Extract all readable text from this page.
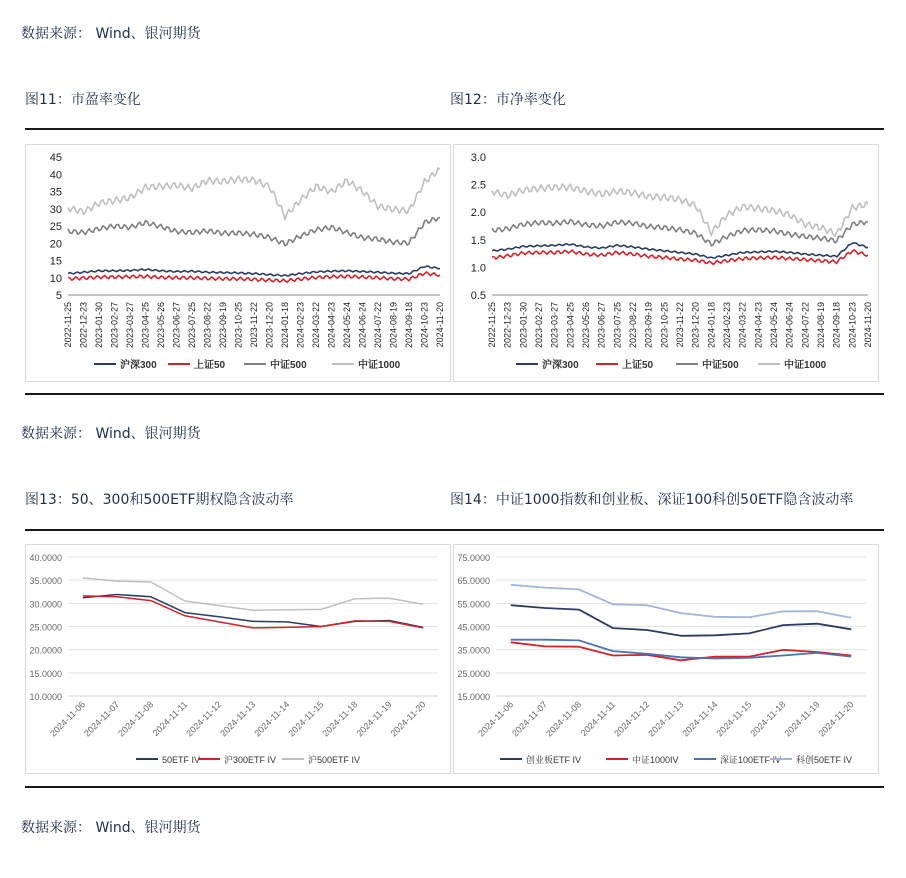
数据来源： Wind、银河期货
图11：市盈率变化	图12：市净率变化
45
40
35
30
25
20
15
10
5
2022-11-25 2022-12-23 2023-01-30 2023-02-27 2023-03-27 2023-04-25 2023-05-26 2023-06-27 2023-07-25 2023-08-22 2023-09-19 2023-10-25 2023-11-22 2023-12-20 2024-01-18 2024-02-23 2024-03-22 2024-04-23 2024-05-24 2024-06-24 2024-07-22 2024-08-19 2024-09-18 2024-10-23 2024-11-20
沪深300	上证50	中证500	中证1000
3.0
2.5
2.0
1.5
1.0
0.5
2022-11-25 2022-12-23 2023-01-30 2023-02-27 2023-03-27 2023-04-25 2023-05-26 2023-06-27 2023-07-25 2023-08-22 2023-09-19 2023-10-25 2023-11-22 2023-12-20 2024-01-18 2024-02-23 2024-03-22 2024-04-23 2024-05-24 2024-06-24 2024-07-22 2024-08-19 2024-09-18 2024-10-23 2024-11-20
沪深300	上证50	中证500	中证1000
数据来源： Wind、银河期货
图13：50、300和500ETF期权隐含波动率	图14：中证1000指数和创业板、深证100科创50ETF隐含波动率
40.0000
35.0000
30.0000
25.0000
20.0000
15.0000
10.0000
2024-11-06
2024-11-07
2024-11-08
2024-11-11
2024-11-12
2024-11-13
2024-11-14
2024-11-15
2024-11-18
2024-11-19
2024-11-20
50ETF IV	沪300ETF IV	沪500ETF IV
75.0000
65.0000
55.0000
45.0000
35.0000
25.0000
15.0000
2024-11-06
2024-11-07
2024-11-08
2024-11-11
2024-11-12
2024-11-13
2024-11-14
2024-11-15
2024-11-18
2024-11-19
2024-11-20
创业板ETF IV	中证1000IV	深证100ETF IV 科创50ETF IV
数据来源： Wind、银河期货
